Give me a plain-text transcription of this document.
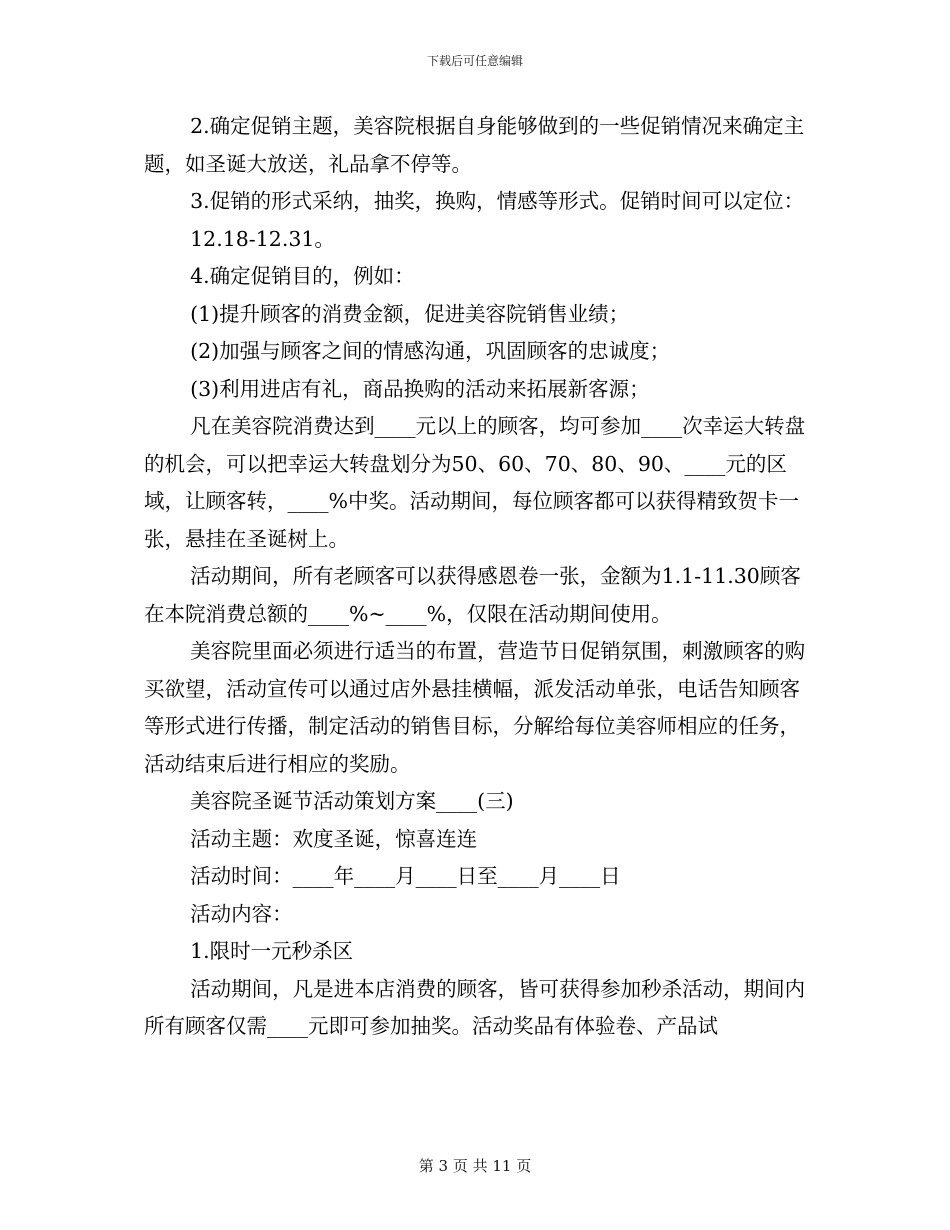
下载后可任意编辑

2.确定促销主题，美容院根据自身能够做到的一些促销情况来确定主题，如圣诞大放送，礼品拿不停等。

3.促销的形式采纳，抽奖，换购，情感等形式。促销时间可以定位：

12.18-12.31。

4.确定促销目的，例如：

(1)提升顾客的消费金额，促进美容院销售业绩；

(2)加强与顾客之间的情感沟通，巩固顾客的忠诚度；

(3)利用进店有礼，商品换购的活动来拓展新客源；

凡在美容院消费达到____元以上的顾客，均可参加____次幸运大转盘的机会，可以把幸运大转盘划分为50、60、70、80、90、____元的区域，让顾客转，____%中奖。活动期间，每位顾客都可以获得精致贺卡一张，悬挂在圣诞树上。

活动期间，所有老顾客可以获得感恩卷一张，金额为1.1-11.30顾客在本院消费总额的____%~____%，仅限在活动期间使用。

美容院里面必须进行适当的布置，营造节日促销氛围，刺激顾客的购买欲望，活动宣传可以通过店外悬挂横幅，派发活动单张，电话告知顾客等形式进行传播，制定活动的销售目标，分解给每位美容师相应的任务，活动结束后进行相应的奖励。

美容院圣诞节活动策划方案____(三)

活动主题：欢度圣诞，惊喜连连

活动时间：____年____月____日至____月____日

活动内容：

1.限时一元秒杀区

活动期间，凡是进本店消费的顾客，皆可获得参加秒杀活动，期间内所有顾客仅需____元即可参加抽奖。活动奖品有体验卷、产品试

第 3 页 共 11 页
